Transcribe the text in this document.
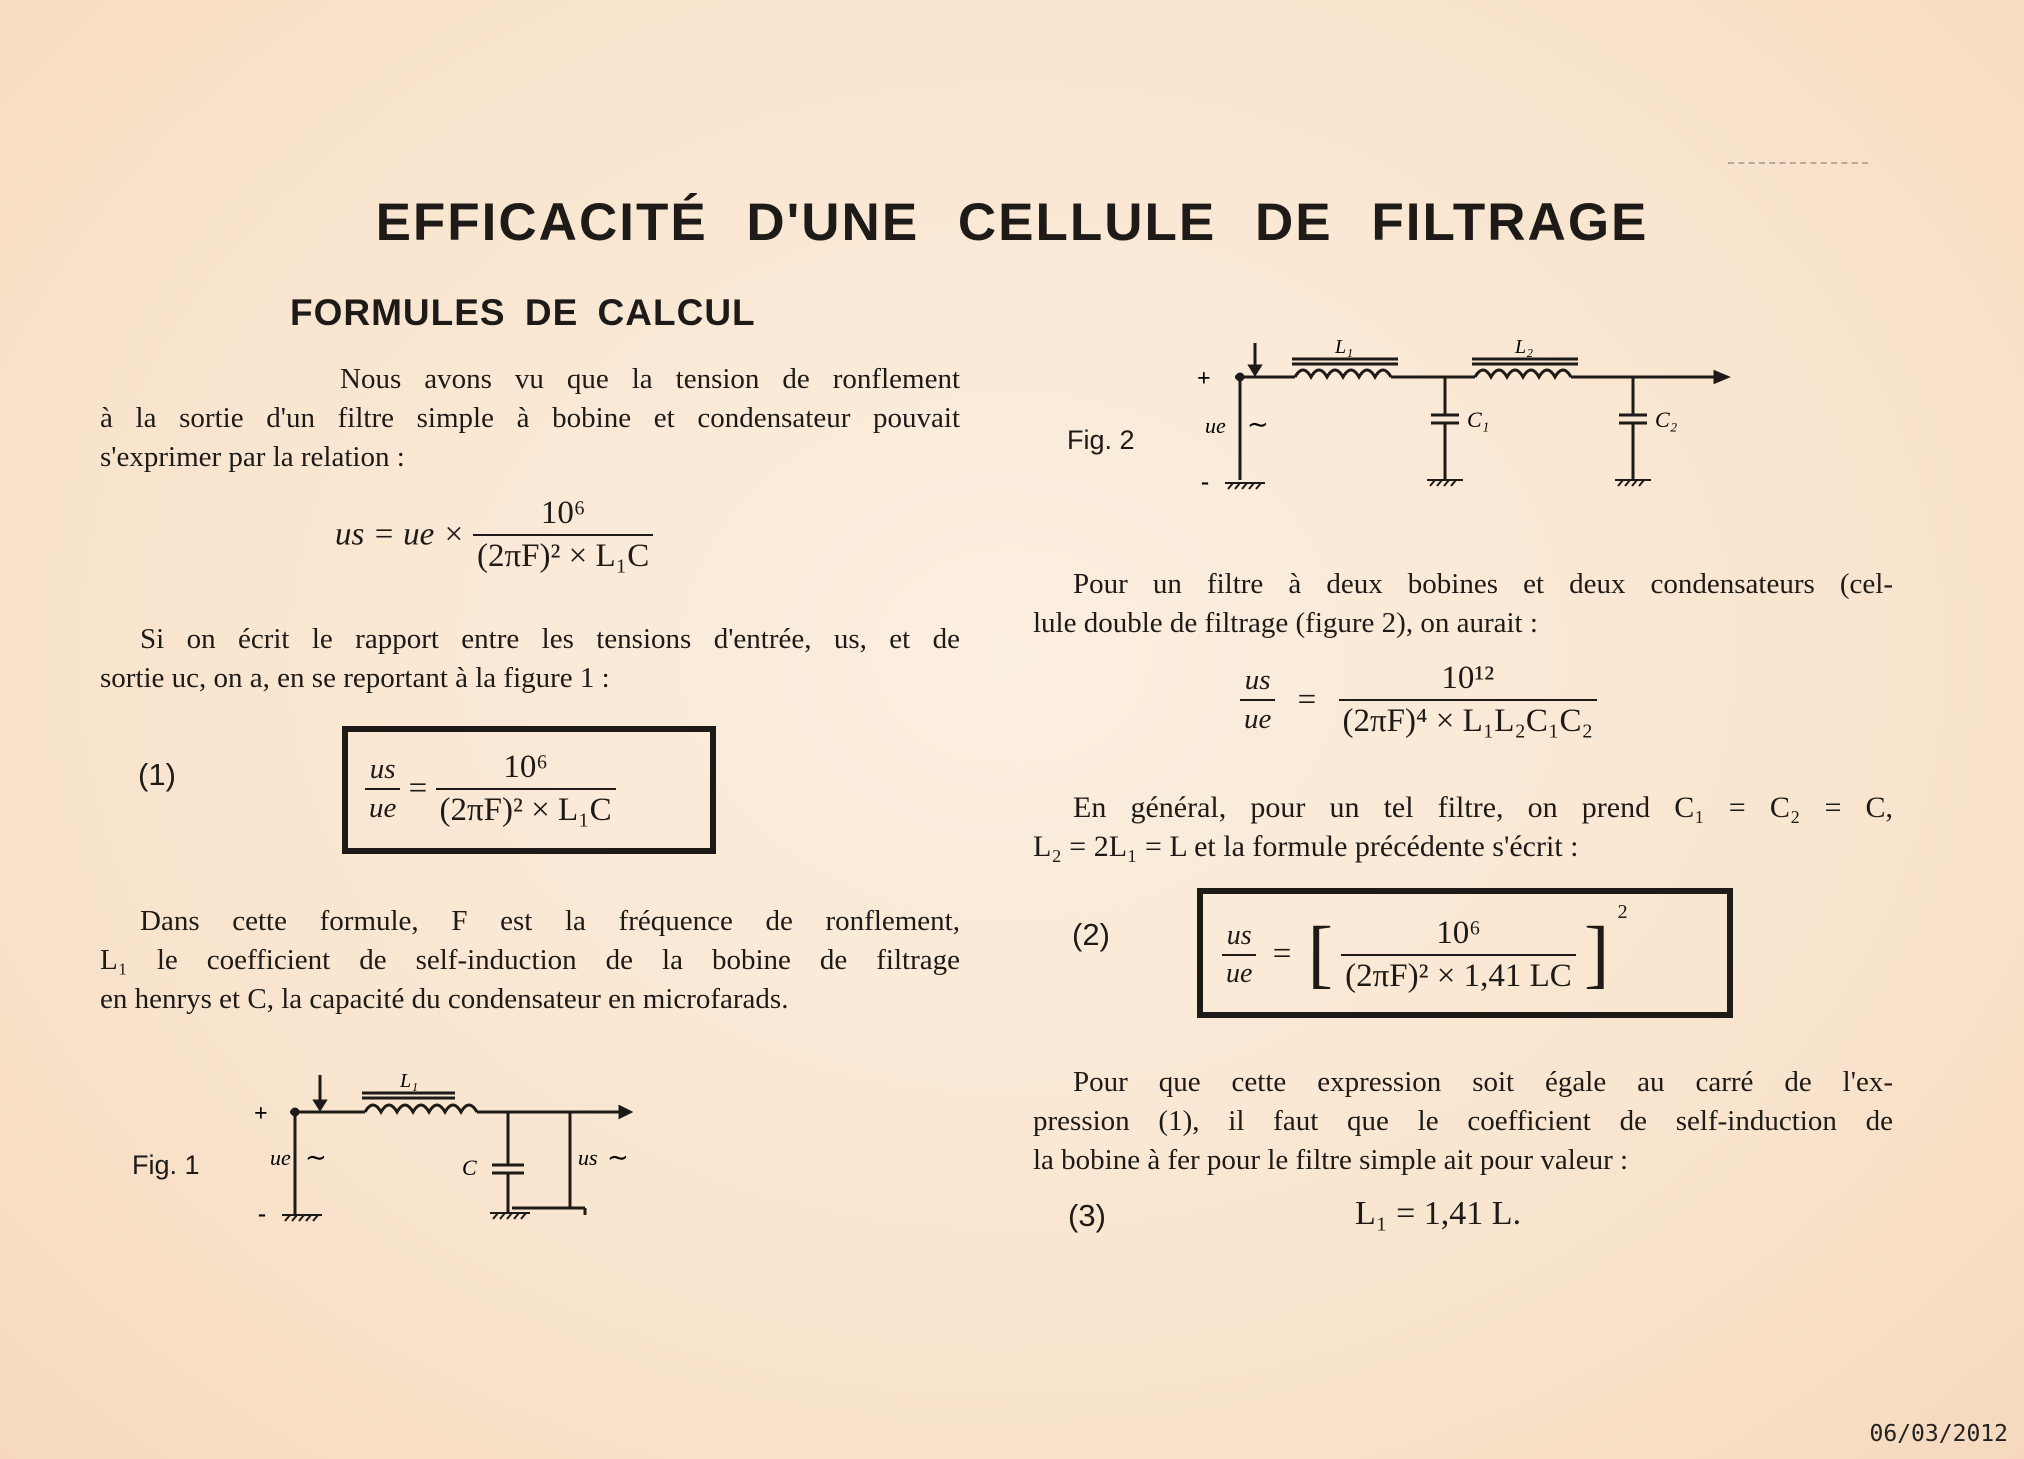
EFFICACITÉ D'UNE CELLULE DE FILTRAGE
FORMULES DE CALCUL
Nous avons vu que la tension de ronflement
à la sortie d'un filtre simple à bobine et condensateur pouvait
s'exprimer par la relation :
us = ue × $\frac{\text{10⁶}}{\text{(2πF)² × L₁C}}$
Si on écrit le rapport entre les tensions d'entrée, us, et de
sortie uc, on a, en se reportant à la figure 1 :
(1)	$\frac{us}{ue} = \frac{\text{10⁶}}{\text{(2πF)² × L₁C}}$
Dans cette formule, F est la fréquence de ronflement,
L₁ le coefficient de self-induction de la bobine de filtrage
en henrys et C, la capacité du condensateur en microfarads.
Fig. 1
+
-
ue ∼
L₁
C	us ∼
Fig. 2
+
-
ue ∼
L₁	L₂
C₁	C₂
Pour un filtre à deux bobines et deux condensateurs (cel-
lule double de filtrage (figure 2), on aurait :
$\frac{us}{ue} = \frac{\text{10¹²}}{\text{(2πF)⁴ × L₁L₂C₁C₂}}$
En général, pour un tel filtre, on prend C₁ = C₂ = C,
L₂ = 2L₁ = L et la formule précédente s'écrit :
(2)	$\frac{us}{ue}$ = [ $\frac{\text{10⁶}}{\text{(2πF)² × 1,41 LC}}$ ] $^2$
Pour que cette expression soit égale au carré de l'ex-
pression (1), il faut que le coefficient de self-induction de
la bobine à fer pour le filtre simple ait pour valeur :
(3)	L₁ = 1,41 L.
06/03/2012
